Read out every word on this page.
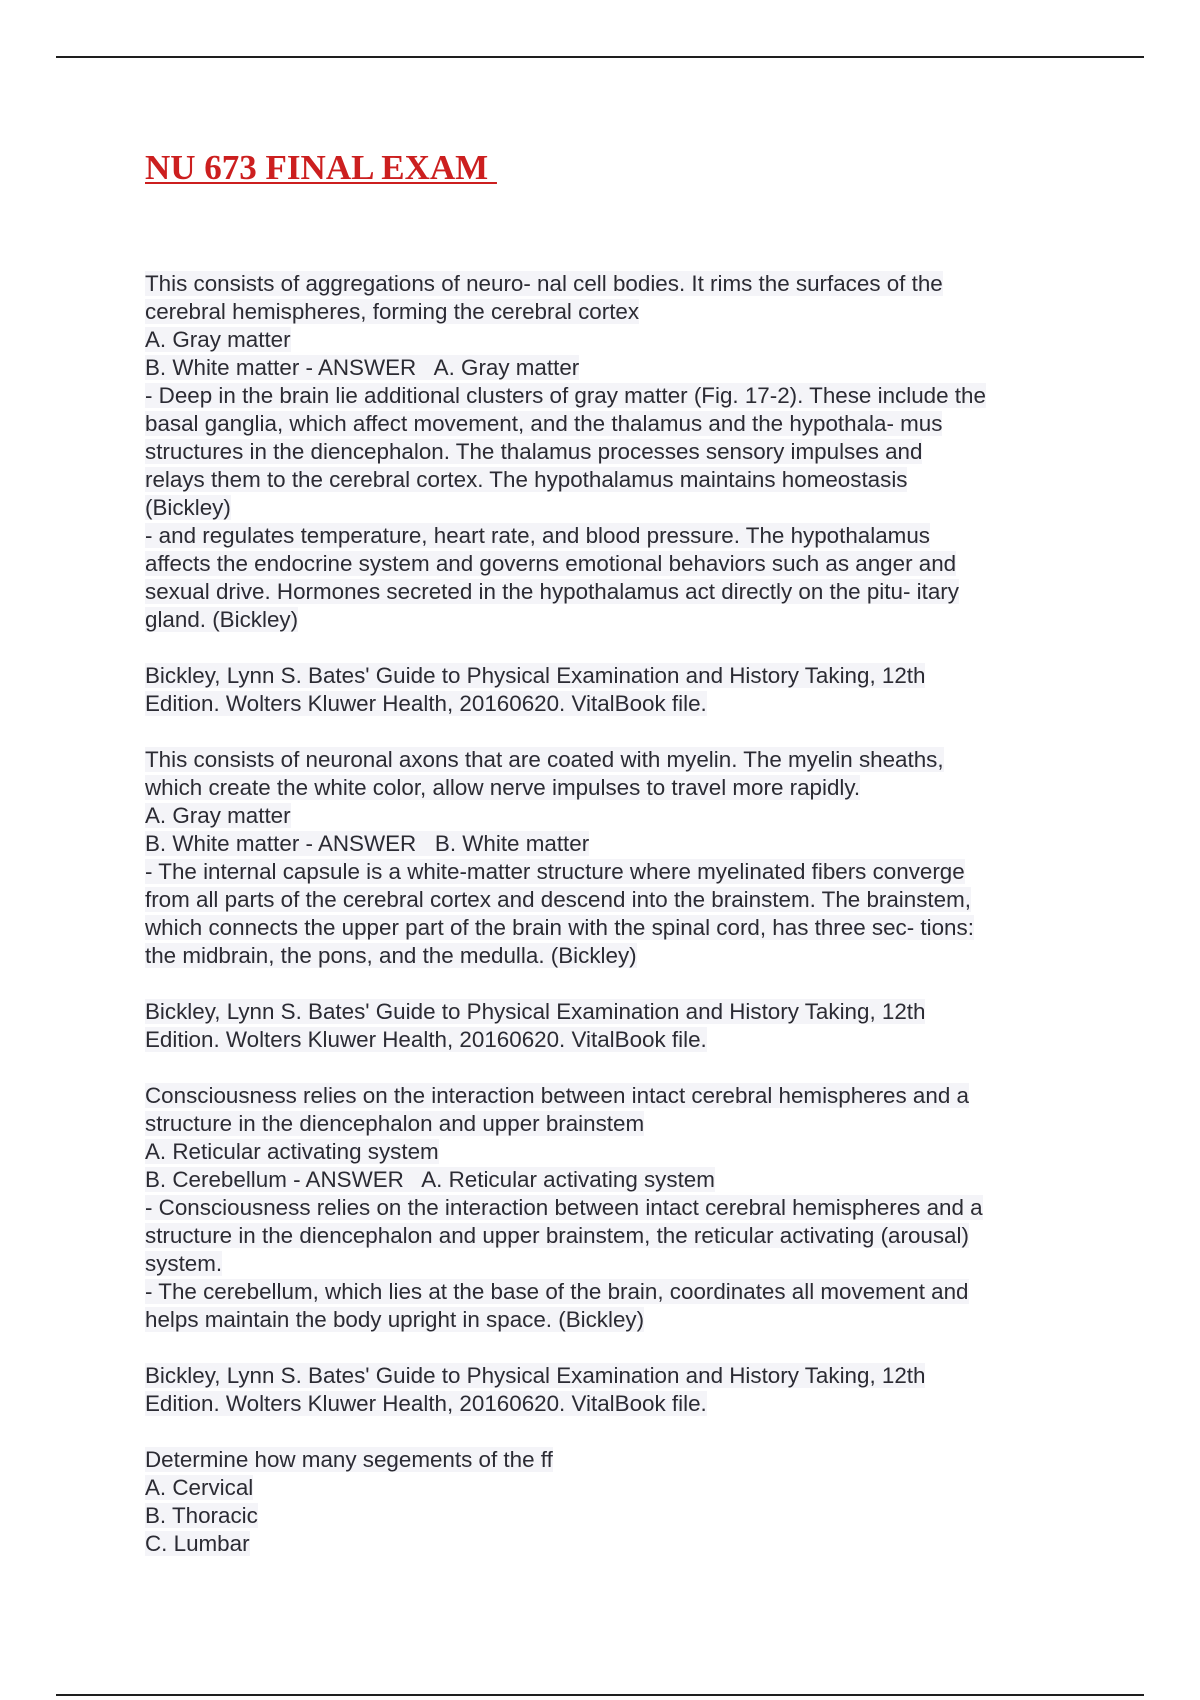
NU 673 FINAL EXAM
This consists of aggregations of neuro- nal cell bodies. It rims the surfaces of the
cerebral hemispheres, forming the cerebral cortex
A. Gray matter
B. White matter - ANSWER   A. Gray matter
- Deep in the brain lie additional clusters of gray matter (Fig. 17-2). These include the
basal ganglia, which affect movement, and the thalamus and the hypothala- mus
structures in the diencephalon. The thalamus processes sensory impulses and
relays them to the cerebral cortex. The hypothalamus maintains homeostasis
(Bickley)
- and regulates temperature, heart rate, and blood pressure. The hypothalamus
affects the endocrine system and governs emotional behaviors such as anger and
sexual drive. Hormones secreted in the hypothalamus act directly on the pitu- itary
gland. (Bickley)
Bickley, Lynn S. Bates' Guide to Physical Examination and History Taking, 12th
Edition. Wolters Kluwer Health, 20160620. VitalBook file.
This consists of neuronal axons that are coated with myelin. The myelin sheaths,
which create the white color, allow nerve impulses to travel more rapidly.
A. Gray matter
B. White matter - ANSWER   B. White matter
- The internal capsule is a white-matter structure where myelinated fibers converge
from all parts of the cerebral cortex and descend into the brainstem. The brainstem,
which connects the upper part of the brain with the spinal cord, has three sec- tions:
the midbrain, the pons, and the medulla. (Bickley)
Bickley, Lynn S. Bates' Guide to Physical Examination and History Taking, 12th
Edition. Wolters Kluwer Health, 20160620. VitalBook file.
Consciousness relies on the interaction between intact cerebral hemispheres and a
structure in the diencephalon and upper brainstem
A. Reticular activating system
B. Cerebellum - ANSWER   A. Reticular activating system
- Consciousness relies on the interaction between intact cerebral hemispheres and a
structure in the diencephalon and upper brainstem, the reticular activating (arousal)
system.
- The cerebellum, which lies at the base of the brain, coordinates all movement and
helps maintain the body upright in space. (Bickley)
Bickley, Lynn S. Bates' Guide to Physical Examination and History Taking, 12th
Edition. Wolters Kluwer Health, 20160620. VitalBook file.
Determine how many segements of the ff
A. Cervical
B. Thoracic
C. Lumbar
